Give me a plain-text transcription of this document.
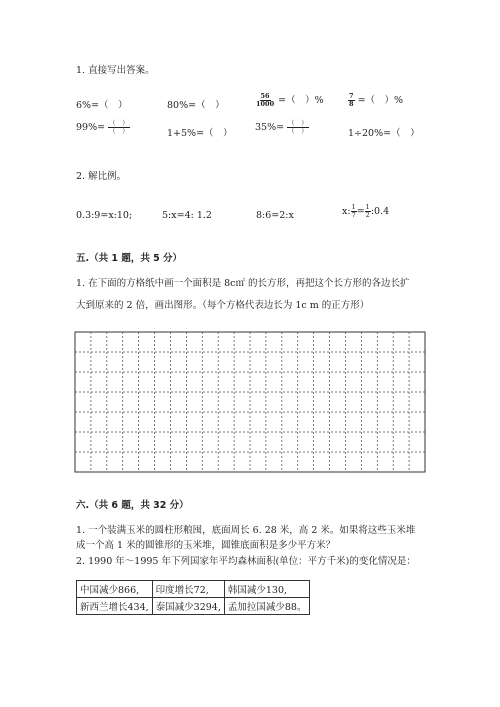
1. 直接写出答案。
6%=（　）	80%=（　）	$\frac{56}{1000}$ =（　）%	$\frac{7}{8}$ =（　）%
$99\%= \frac{( )}{( )}$	1+5%=（　）
$35\%= \frac{( )}{( )}$	1÷20%=（　）
2. 解比例。
0.3:9=x:10;	5:x=4: 1.2	8:6=2:x	x: $\frac{1}{7} = \frac{1}{2}$ :0.4
五.（共 1 题，共 5 分）
1. 在下面的方格纸中画一个面积是 8c㎡ 的长方形，再把这个长方形的各边长扩
大到原来的 2 倍，画出图形。（每个方格代表边长为 1c m 的正方形）
六.（共 6 题，共 32 分）
1. 一个装满玉米的圆柱形粮囤，底面周长 6. 28 米，高 2 米。如果将这些玉米堆
成一个高 1 米的圆锥形的玉米堆，圆锥底面积是多少平方米？
2. 1990 年～1995 年下列国家年平均森林面积(单位：平方千米)的变化情况是：
中国减少866,	印度增长72,	韩国减少130,
新西兰增长434,	泰国减少3294,	孟加拉国减少88。
